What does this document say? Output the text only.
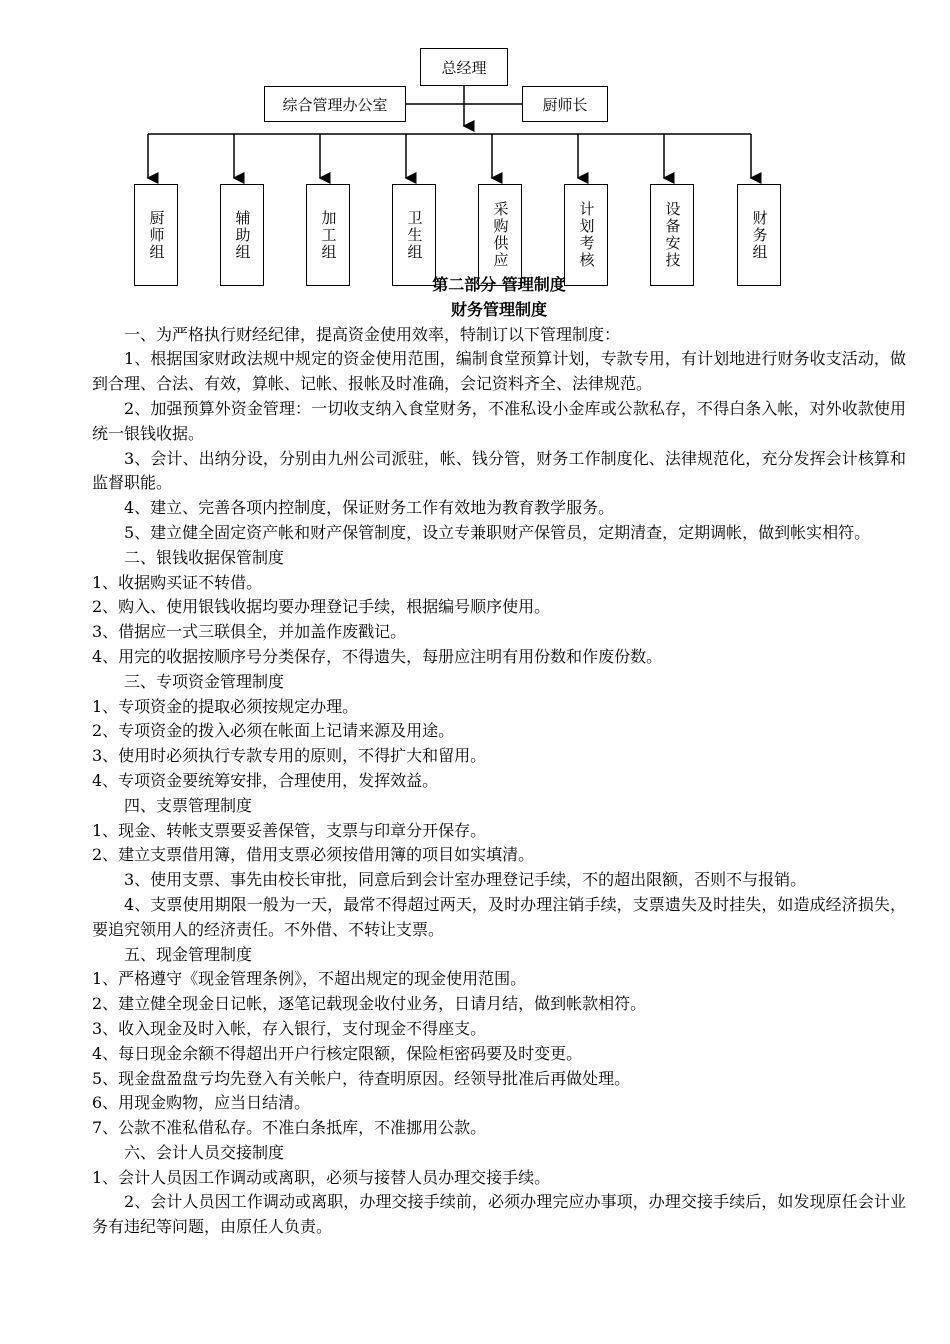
总经理
综合管理办公室	厨师长
厨师组	辅助组	加工组	卫生组	采购供应	计划考核	设备安技	财务组
第二部分 管理制度
财务管理制度
一、为严格执行财经纪律，提高资金使用效率，特制订以下管理制度：
1、根据国家财政法规中规定的资金使用范围，编制食堂预算计划，专款专用，有计划地进行财务收支活动，做到合理、合法、有效，算帐、记帐、报帐及时准确，会记资料齐全、法律规范。
2、加强预算外资金管理：一切收支纳入食堂财务，不准私设小金库或公款私存，不得白条入帐，对外收款使用统一银钱收据。
3、会计、出纳分设，分别由九州公司派驻，帐、钱分管，财务工作制度化、法律规范化，充分发挥会计核算和监督职能。
4、建立、完善各项内控制度，保证财务工作有效地为教育教学服务。
5、建立健全固定资产帐和财产保管制度，设立专兼职财产保管员，定期清查，定期调帐，做到帐实相符。
二、银钱收据保管制度
1、收据购买证不转借。
2、购入、使用银钱收据均要办理登记手续，根据编号顺序使用。
3、借据应一式三联俱全，并加盖作废戳记。
4、用完的收据按顺序号分类保存，不得遗失，每册应注明有用份数和作废份数。
三、专项资金管理制度
1、专项资金的提取必须按规定办理。
2、专项资金的拨入必须在帐面上记请来源及用途。
3、使用时必须执行专款专用的原则，不得扩大和留用。
4、专项资金要统筹安排，合理使用，发挥效益。
四、支票管理制度
1、现金、转帐支票要妥善保管，支票与印章分开保存。
2、建立支票借用簿，借用支票必须按借用簿的项目如实填清。
3、使用支票、事先由校长审批，同意后到会计室办理登记手续，不的超出限额，否则不与报销。
4、支票使用期限一般为一天，最常不得超过两天，及时办理注销手续，支票遗失及时挂失，如造成经济损失，要追究领用人的经济责任。不外借、不转让支票。
五、现金管理制度
1、严格遵守《现金管理条例》，不超出规定的现金使用范围。
2、建立健全现金日记帐，逐笔记载现金收付业务，日请月结，做到帐款相符。
3、收入现金及时入帐，存入银行，支付现金不得座支。
4、每日现金余额不得超出开户行核定限额，保险柜密码要及时变更。
5、现金盘盈盘亏均先登入有关帐户，待查明原因。经领导批准后再做处理。
6、用现金购物，应当日结清。
7、公款不准私借私存。不准白条抵库，不准挪用公款。
六、会计人员交接制度
1、会计人员因工作调动或离职，必须与接替人员办理交接手续。
2、会计人员因工作调动或离职，办理交接手续前，必须办理完应办事项，办理交接手续后，如发现原任会计业务有违纪等问题，由原任人负责。
